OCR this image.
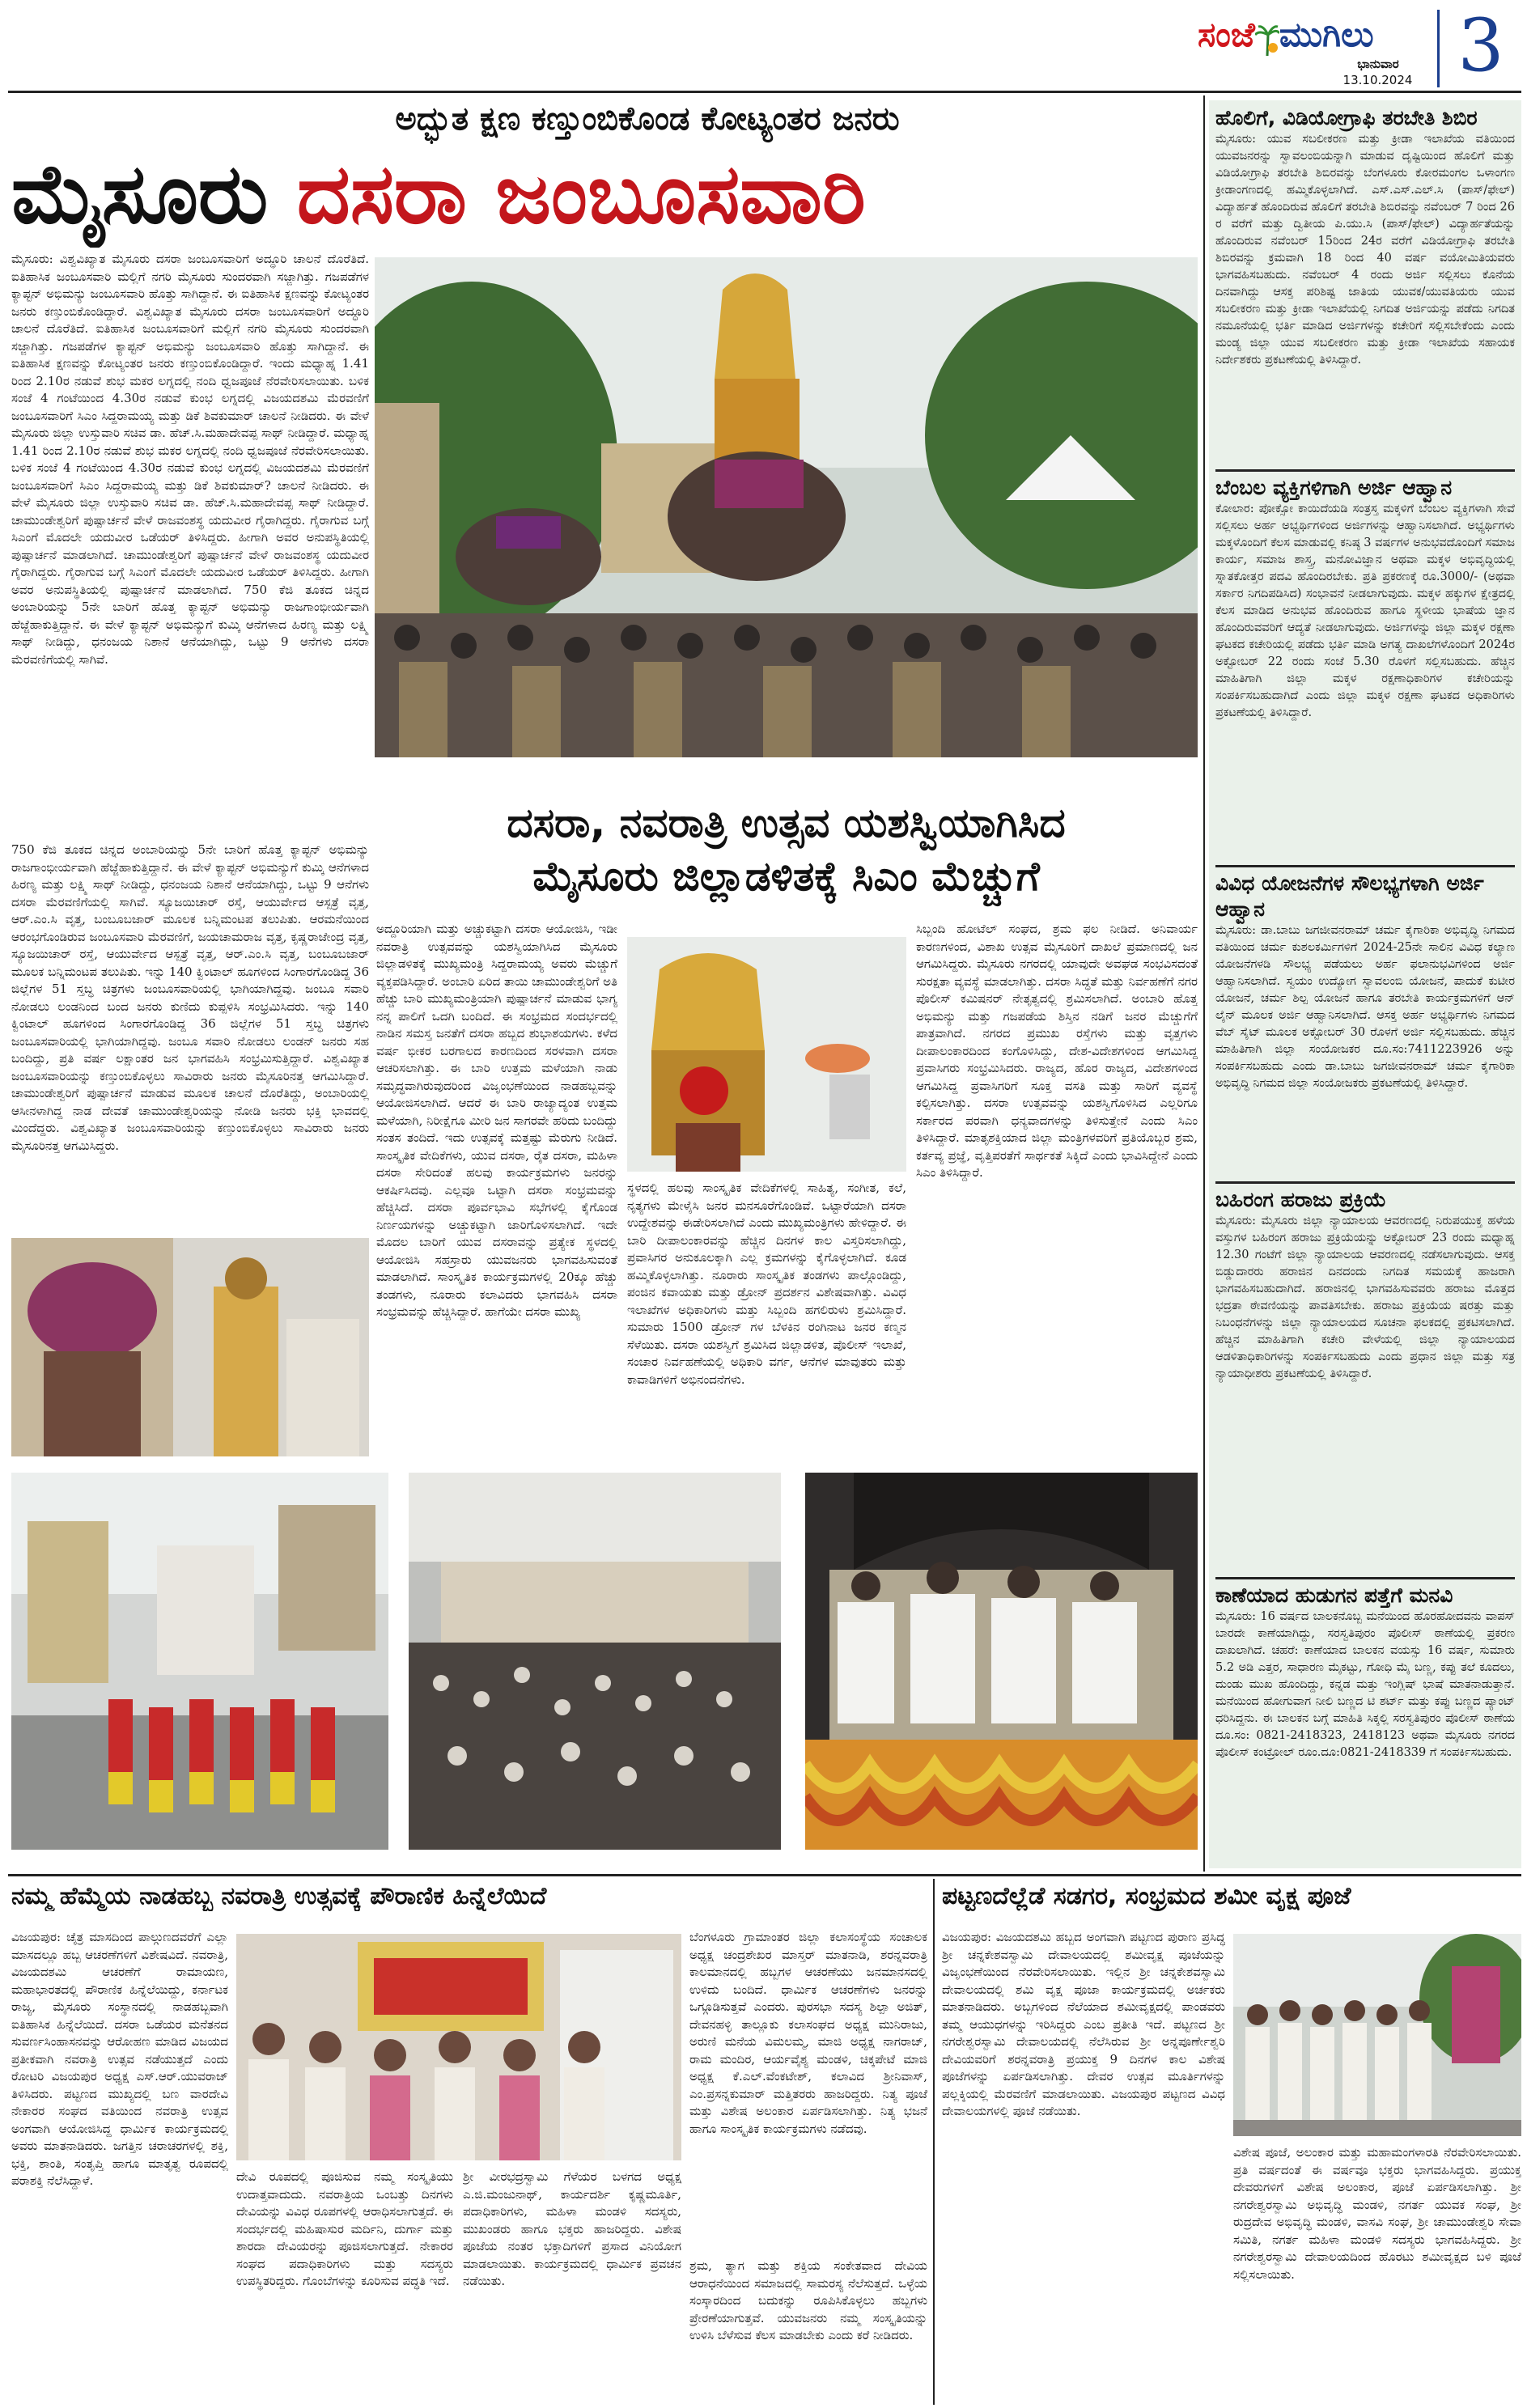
ಸಂಜೆ ಮುಗಿಲು
ಭಾನುವಾರ
13.10.2024 3
ಅದ್ಭುತ ಕ್ಷಣ ಕಣ್ತುಂಬಿಕೊಂಡ ಕೋಟ್ಯಂತರ ಜನರು
ಮೈಸೂರು ದಸರಾ ಜಂಬೂಸವಾರಿ
ಮೈಸೂರು: ವಿಶ್ವವಿಖ್ಯಾತ ಮೈಸೂರು ದಸರಾ ಜಂಬೂಸವಾರಿಗೆ ಅದ್ಧೂರಿ ಚಾಲನೆ ದೊರೆತಿದೆ. ಐತಿಹಾಸಿಕ ಜಂಬೂಸವಾರಿ ಮಲ್ಲಿಗೆ ನಗರಿ ಮೈಸೂರು ಸುಂದರವಾಗಿ ಸಜ್ಜಾಗಿತ್ತು. ಗಜಪಡೆಗಳ ಕ್ಯಾಪ್ಟನ್ ಅಭಿಮನ್ಯು ಜಂಬೂಸವಾರಿ ಹೊತ್ತು ಸಾಗಿದ್ದಾನೆ. ಈ ಐತಿಹಾಸಿಕ ಕ್ಷಣವನ್ನು ಕೋಟ್ಯಂತರ ಜನರು ಕಣ್ತುಂಬಿಕೊಂಡಿದ್ದಾರೆ. ವಿಶ್ವವಿಖ್ಯಾತ ಮೈಸೂರು ದಸರಾ ಜಂಬೂಸವಾರಿಗೆ ಅದ್ಧೂರಿ ಚಾಲನೆ ದೊರೆತಿದೆ. ಐತಿಹಾಸಿಕ ಜಂಬೂಸವಾರಿಗೆ ಮಲ್ಲಿಗೆ ನಗರಿ ಮೈಸೂರು ಸುಂದರವಾಗಿ ಸಜ್ಜಾಗಿತ್ತು. ಗಜಪಡೆಗಳ ಕ್ಯಾಪ್ಟನ್ ಅಭಿಮನ್ಯು ಜಂಬೂಸವಾರಿ ಹೊತ್ತು ಸಾಗಿದ್ದಾನೆ. ಈ ಐತಿಹಾಸಿಕ ಕ್ಷಣವನ್ನು ಕೋಟ್ಯಂತರ ಜನರು ಕಣ್ತುಂಬಿಕೊಂಡಿದ್ದಾರೆ. ಇಂದು ಮಧ್ಯಾಹ್ನ 1.41 ರಿಂದ 2.10ರ ನಡುವೆ ಶುಭ ಮಕರ ಲಗ್ನದಲ್ಲಿ ನಂದಿ ಧ್ವಜಪೂಜೆ ನೆರವೇರಿಸಲಾಯಿತು. ಬಳಿಕ ಸಂಜೆ 4 ಗಂಟೆಯಿಂದ 4.30ರ ನಡುವೆ ಕುಂಭ ಲಗ್ನದಲ್ಲಿ ವಿಜಯದಶಮಿ ಮೆರವಣಿಗೆ ಜಂಬೂಸವಾರಿಗೆ ಸಿಎಂ ಸಿದ್ದರಾಮಯ್ಯ ಮತ್ತು ಡಿಕೆ ಶಿವಕುಮಾರ್ ಚಾಲನೆ ನೀಡಿದರು. ಈ ವೇಳೆ ಮೈಸೂರು ಜಿಲ್ಲಾ ಉಸ್ತುವಾರಿ ಸಚಿವ ಡಾ. ಹೆಚ್.ಸಿ.ಮಹಾದೇವಪ್ಪ ಸಾಥ್ ನೀಡಿದ್ದಾರೆ. ಮಧ್ಯಾಹ್ನ 1.41 ರಿಂದ 2.10ರ ನಡುವೆ ಶುಭ ಮಕರ ಲಗ್ನದಲ್ಲಿ ನಂದಿ ಧ್ವಜಪೂಜೆ ನೆರವೇರಿಸಲಾಯಿತು. ಬಳಿಕ ಸಂಜೆ 4 ಗಂಟೆಯಿಂದ 4.30ರ ನಡುವೆ ಕುಂಭ ಲಗ್ನದಲ್ಲಿ ವಿಜಯದಶಮಿ ಮೆರವಣಿಗೆ ಜಂಬೂಸವಾರಿಗೆ ಸಿಎಂ ಸಿದ್ದರಾಮಯ್ಯ ಮತ್ತು ಡಿಕೆ ಶಿವಕುಮಾರ್? ಚಾಲನೆ ನೀಡಿದರು. ಈ ವೇಳೆ ಮೈಸೂರು ಜಿಲ್ಲಾ ಉಸ್ತುವಾರಿ ಸಚಿವ ಡಾ. ಹೆಚ್.ಸಿ.ಮಹಾದೇವಪ್ಪ ಸಾಥ್ ನೀಡಿದ್ದಾರೆ. ಚಾಮುಂಡೇಶ್ವರಿಗೆ ಪುಷ್ಪಾರ್ಚನೆ ವೇಳೆ ರಾಜವಂಶಸ್ಥ ಯದುವೀರ ಗೈರಾಗಿದ್ದರು. ಗೈರಾಗುವ ಬಗ್ಗೆ ಸಿಎಂಗೆ ಮೊದಲೇ ಯದುವೀರ ಒಡೆಯರ್ ತಿಳಿಸಿದ್ದರು. ಹೀಗಾಗಿ ಅವರ ಅನುಪಸ್ಥಿತಿಯಲ್ಲಿ ಪುಷ್ಪಾರ್ಚನೆ ಮಾಡಲಾಗಿದೆ. ಚಾಮುಂಡೇಶ್ವರಿಗೆ ಪುಷ್ಪಾರ್ಚನೆ ವೇಳೆ ರಾಜವಂಶಸ್ಥ ಯದುವೀರ ಗೈರಾಗಿದ್ದರು. ಗೈರಾಗುವ ಬಗ್ಗೆ ಸಿಎಂಗೆ ಮೊದಲೇ ಯದುವೀರ ಒಡೆಯರ್ ತಿಳಿಸಿದ್ದರು. ಹೀಗಾಗಿ ಅವರ ಅನುಪಸ್ಥಿತಿಯಲ್ಲಿ ಪುಷ್ಪಾರ್ಚನೆ ಮಾಡಲಾಗಿದೆ. 750 ಕೆಜಿ ತೂಕದ ಚಿನ್ನದ ಅಂಬಾರಿಯನ್ನು 5ನೇ ಬಾರಿಗೆ ಹೊತ್ತ ಕ್ಯಾಪ್ಟನ್ ಅಭಿಮನ್ಯು ರಾಜಗಾಂಭೀರ್ಯವಾಗಿ ಹೆಜ್ಜೆಹಾಕುತ್ತಿದ್ದಾನೆ. ಈ ವೇಳೆ ಕ್ಯಾಪ್ಟನ್ ಅಭಿಮನ್ಯುಗೆ ಕುಮ್ಕಿ ಆನೆಗಳಾದ ಹಿರಣ್ಯ ಮತ್ತು ಲಕ್ಷ್ಮಿ ಸಾಥ್ ನೀಡಿದ್ದು, ಧನಂಜಯ ನಿಶಾನೆ ಆನೆಯಾಗಿದ್ದು, ಒಟ್ಟು 9 ಆನೆಗಳು ದಸರಾ ಮೆರವಣಿಗೆಯಲ್ಲಿ ಸಾಗಿವೆ.
750 ಕೆಜಿ ತೂಕದ ಚಿನ್ನದ ಅಂಬಾರಿಯನ್ನು 5ನೇ ಬಾರಿಗೆ ಹೊತ್ತ ಕ್ಯಾಪ್ಟನ್ ಅಭಿಮನ್ಯು ರಾಜಗಾಂಭೀರ್ಯವಾಗಿ ಹೆಜ್ಜೆಹಾಕುತ್ತಿದ್ದಾನೆ. ಈ ವೇಳೆ ಕ್ಯಾಪ್ಟನ್ ಅಭಿಮನ್ಯುಗೆ ಕುಮ್ಕಿ ಆನೆಗಳಾದ ಹಿರಣ್ಯ ಮತ್ತು ಲಕ್ಷ್ಮಿ ಸಾಥ್ ನೀಡಿದ್ದು, ಧನಂಜಯ ನಿಶಾನೆ ಆನೆಯಾಗಿದ್ದು, ಒಟ್ಟು 9 ಆನೆಗಳು ದಸರಾ ಮೆರವಣಿಗೆಯಲ್ಲಿ ಸಾಗಿವೆ. ಸ್ಯೂಜಯಿಚಾರ್ ರಸ್ತೆ, ಆಯುರ್ವೇದ ಆಸ್ಪತ್ರೆ ವೃತ್ತ, ಆರ್.ಎಂ.ಸಿ ವೃತ್ತ, ಬಂಬೂಬಜಾರ್ ಮೂಲಕ ಬನ್ನಿಮಂಟಪ ತಲುಪಿತು. ಆರಮನೆಯಿಂದ ಆರಂಭಗೊಂಡಿರುವ ಜಂಬೂಸವಾರಿ ಮೆರವಣಿಗೆ, ಜಯಚಾಮರಾಜ ವೃತ್ತ, ಕೃಷ್ಣರಾಜೇಂದ್ರ ವೃತ್ತ, ಸ್ಯೂಜಯಿಚಾರ್ ರಸ್ತೆ, ಆಯುರ್ವೇದ ಆಸ್ಪತ್ರೆ ವೃತ್ತ, ಆರ್.ಎಂ.ಸಿ ವೃತ್ತ, ಬಂಬೂಬಜಾರ್ ಮೂಲಕ ಬನ್ನಿಮಂಟಪ ತಲುಪಿತು. ಇನ್ನು 140 ಕ್ವಿಂಟಾಲ್ ಹೂಗಳಿಂದ ಸಿಂಗಾರಗೊಂಡಿದ್ದ 36 ಜಿಲ್ಲೆಗಳ 51 ಸ್ತಬ್ಧ ಚಿತ್ರಗಳು ಜಂಬೂಸವಾರಿಯಲ್ಲಿ ಭಾಗಿಯಾಗಿದ್ದವು. ಜಂಬೂ ಸವಾರಿ ನೋಡಲು ಲಂಡನಿಂದ ಬಂದ ಜನರು ಕುಣಿದು ಕುಪ್ಪಳಿಸಿ ಸಂಭ್ರಮಿಸಿದರು. ಇನ್ನು 140 ಕ್ವಿಂಟಾಲ್ ಹೂಗಳಿಂದ ಸಿಂಗಾರಗೊಂಡಿದ್ದ 36 ಜಿಲ್ಲೆಗಳ 51 ಸ್ತಬ್ಧ ಚಿತ್ರಗಳು ಜಂಬೂಸವಾರಿಯಲ್ಲಿ ಭಾಗಿಯಾಗಿದ್ದವು. ಜಂಬೂ ಸವಾರಿ ನೋಡಲು ಲಂಡನ್ ಜನರು ಸಹ ಬಂದಿದ್ದು, ಪ್ರತಿ ವರ್ಷ ಲಕ್ಷಾಂತರ ಜನ ಭಾಗವಹಿಸಿ ಸಂಭ್ರಮಿಸುತ್ತಿದ್ದಾರೆ. ವಿಶ್ವವಿಖ್ಯಾತ ಜಂಬೂಸವಾರಿಯನ್ನು ಕಣ್ತುಂಬಿಕೊಳ್ಳಲು ಸಾವಿರಾರು ಜನರು ಮೈಸೂರಿನತ್ತ ಆಗಮಿಸಿದ್ದಾರೆ. ಚಾಮುಂಡೇಶ್ವರಿಗೆ ಪುಷ್ಪಾರ್ಚನೆ ಮಾಡುವ ಮೂಲಕ ಚಾಲನೆ ದೊರೆತಿದ್ದು, ಅಂಬಾರಿಯಲ್ಲಿ ಆಸೀನಳಾಗಿದ್ದ ನಾಡ ದೇವತೆ ಚಾಮುಂಡೇಶ್ವರಿಯನ್ನು ನೋಡಿ ಜನರು ಭಕ್ತಿ ಭಾವದಲ್ಲಿ ಮಿಂದೆದ್ದರು. ವಿಶ್ವವಿಖ್ಯಾತ ಜಂಬೂಸವಾರಿಯನ್ನು ಕಣ್ತುಂಬಿಕೊಳ್ಳಲು ಸಾವಿರಾರು ಜನರು ಮೈಸೂರಿನತ್ತ ಆಗಮಿಸಿದ್ದರು.
ದಸರಾ, ನವರಾತ್ರಿ ಉತ್ಸವ ಯಶಸ್ವಿಯಾಗಿಸಿದ
ಮೈಸೂರು ಜಿಲ್ಲಾಡಳಿತಕ್ಕೆ ಸಿಎಂ ಮೆಚ್ಚುಗೆ
ಅದ್ದೂರಿಯಾಗಿ ಮತ್ತು ಅಚ್ಚುಕಟ್ಟಾಗಿ ದಸರಾ ಆಯೋಜಿಸಿ, ಇಡೀ ನವರಾತ್ರಿ ಉತ್ಸವವನ್ನು ಯಶಸ್ವಿಯಾಗಿಸಿದ ಮೈಸೂರು ಜಿಲ್ಲಾಡಳಿತಕ್ಕೆ ಮುಖ್ಯಮಂತ್ರಿ ಸಿದ್ದರಾಮಯ್ಯ ಅವರು ಮೆಚ್ಚುಗೆ ವ್ಯಕ್ತಪಡಿಸಿದ್ದಾರೆ. ಅಂಬಾರಿ ಏರಿದ ತಾಯಿ ಚಾಮುಂಡೇಶ್ವರಿಗೆ ಅತಿ ಹೆಚ್ಚು ಬಾರಿ ಮುಖ್ಯಮಂತ್ರಿಯಾಗಿ ಪುಷ್ಪಾರ್ಚನೆ ಮಾಡುವ ಭಾಗ್ಯ ನನ್ನ ಪಾಲಿಗೆ ಒದಗಿ ಬಂದಿದೆ. ಈ ಸಂಭ್ರಮದ ಸಂದರ್ಭದಲ್ಲಿ ನಾಡಿನ ಸಮಸ್ತ ಜನತೆಗೆ ದಸರಾ ಹಬ್ಬದ ಶುಭಾಶಯಗಳು. ಕಳೆದ ವರ್ಷ ಭೀಕರ ಬರಗಾಲದ ಕಾರಣದಿಂದ ಸರಳವಾಗಿ ದಸರಾ ಆಚರಿಸಲಾಗಿತ್ತು. ಈ ಬಾರಿ ಉತ್ತಮ ಮಳೆಯಾಗಿ ನಾಡು ಸಮೃದ್ಧವಾಗಿರುವುದರಿಂದ ವಿಜೃಂಭಣೆಯಿಂದ ನಾಡಹಬ್ಬವನ್ನು ಆಯೋಜಿಸಲಾಗಿದೆ. ಆದರೆ ಈ ಬಾರಿ ರಾಜ್ಯಾದ್ಯಂತ ಉತ್ತಮ ಮಳೆಯಾಗಿ, ನಿರೀಕ್ಷೆಗೂ ಮೀರಿ ಜನ ಸಾಗರವೇ ಹರಿದು ಬಂದಿದ್ದು ಸಂತಸ ತಂದಿದೆ. ಇದು ಉತ್ಸವಕ್ಕೆ ಮತ್ತಷ್ಟು ಮೆರುಗು ನೀಡಿದೆ. ಸಾಂಸ್ಕೃತಿಕ ವೇದಿಕೆಗಳು, ಯುವ ದಸರಾ, ರೈತ ದಸರಾ, ಮಹಿಳಾ ದಸರಾ ಸೇರಿದಂತೆ ಹಲವು ಕಾರ್ಯಕ್ರಮಗಳು ಜನರನ್ನು ಆಕರ್ಷಿಸಿದವು. ಎಲ್ಲವೂ ಒಟ್ಟಾಗಿ ದಸರಾ ಸಂಭ್ರಮವನ್ನು ಹೆಚ್ಚಿಸಿದೆ. ದಸರಾ ಪೂರ್ವಭಾವಿ ಸಭೆಗಳಲ್ಲಿ ಕೈಗೊಂಡ ನಿರ್ಣಯಗಳನ್ನು ಅಚ್ಚುಕಟ್ಟಾಗಿ ಜಾರಿಗೊಳಿಸಲಾಗಿದೆ. ಇದೇ ಮೊದಲ ಬಾರಿಗೆ ಯುವ ದಸರಾವನ್ನು ಪ್ರತ್ಯೇಕ ಸ್ಥಳದಲ್ಲಿ ಆಯೋಜಿಸಿ ಸಹಸ್ರಾರು ಯುವಜನರು ಭಾಗವಹಿಸುವಂತೆ ಮಾಡಲಾಗಿದೆ. ಸಾಂಸ್ಕೃತಿಕ ಕಾರ್ಯಕ್ರಮಗಳಲ್ಲಿ 20ಕ್ಕೂ ಹೆಚ್ಚು ತಂಡಗಳು, ನೂರಾರು ಕಲಾವಿದರು ಭಾಗವಹಿಸಿ ದಸರಾ ಸಂಭ್ರಮವನ್ನು ಹೆಚ್ಚಿಸಿದ್ದಾರೆ. ಹಾಗೆಯೇ ದಸರಾ ಮುಖ್ಯ
ಸ್ಥಳದಲ್ಲಿ ಹಲವು ಸಾಂಸ್ಕೃತಿಕ ವೇದಿಕೆಗಳಲ್ಲಿ ಸಾಹಿತ್ಯ, ಸಂಗೀತ, ಕಲೆ, ನೃತ್ಯಗಳು ಮೇಳೈಸಿ ಜನರ ಮನಸೂರೆಗೊಂಡಿವೆ. ಒಟ್ಟಾರೆಯಾಗಿ ದಸರಾ ಉದ್ದೇಶವನ್ನು ಈಡೇರಿಸಲಾಗಿದೆ ಎಂದು ಮುಖ್ಯಮಂತ್ರಿಗಳು ಹೇಳಿದ್ದಾರೆ. ಈ ಬಾರಿ ದೀಪಾಲಂಕಾರವನ್ನು ಹೆಚ್ಚಿನ ದಿನಗಳ ಕಾಲ ವಿಸ್ತರಿಸಲಾಗಿದ್ದು, ಪ್ರವಾಸಿಗರ ಅನುಕೂಲಕ್ಕಾಗಿ ಎಲ್ಲ ಕ್ರಮಗಳನ್ನು ಕೈಗೊಳ್ಳಲಾಗಿದೆ. ಕೂಡ ಹಮ್ಮಿಕೊಳ್ಳಲಾಗಿತ್ತು. ನೂರಾರು ಸಾಂಸ್ಕೃತಿಕ ತಂಡಗಳು ಪಾಲ್ಗೊಂಡಿದ್ದು, ಪಂಜಿನ ಕವಾಯತು ಮತ್ತು ಡ್ರೋನ್ ಪ್ರದರ್ಶನ ವಿಶೇಷವಾಗಿತ್ತು. ವಿವಿಧ ಇಲಾಖೆಗಳ ಅಧಿಕಾರಿಗಳು ಮತ್ತು ಸಿಬ್ಬಂದಿ ಹಗಲಿರುಳು ಶ್ರಮಿಸಿದ್ದಾರೆ. ಸುಮಾರು 1500 ಡ್ರೋನ್ ಗಳ ಬೆಳಕಿನ ರಂಗಿನಾಟ ಜನರ ಕಣ್ಮನ ಸೆಳೆಯಿತು. ದಸರಾ ಯಶಸ್ವಿಗೆ ಶ್ರಮಿಸಿದ ಜಿಲ್ಲಾಡಳಿತ, ಪೊಲೀಸ್ ಇಲಾಖೆ, ಸಂಚಾರ ನಿರ್ವಹಣೆಯಲ್ಲಿ ಅಧಿಕಾರಿ ವರ್ಗ, ಆನೆಗಳ ಮಾವುತರು ಮತ್ತು ಕಾವಾಡಿಗಳಿಗೆ ಅಭಿನಂದನೆಗಳು.
ಸಿಬ್ಬಂದಿ ಹೋಟೆಲ್ ಸಂಘದ, ಶ್ರಮ ಫಲ ನೀಡಿದೆ. ಅನಿವಾರ್ಯ ಕಾರಣಗಳಿಂದ, ವಿಶಾಖ ಉತ್ಸವ ಮೈಸೂರಿಗೆ ದಾಖಲೆ ಪ್ರಮಾಣದಲ್ಲಿ ಜನ ಆಗಮಿಸಿದ್ದರು. ಮೈಸೂರು ನಗರದಲ್ಲಿ ಯಾವುದೇ ಅವಘಡ ಸಂಭವಿಸದಂತೆ ಸುರಕ್ಷತಾ ವ್ಯವಸ್ಥೆ ಮಾಡಲಾಗಿತ್ತು. ದಸರಾ ಸಿದ್ಧತೆ ಮತ್ತು ನಿರ್ವಹಣೆಗೆ ನಗರ ಪೊಲೀಸ್ ಕಮಿಷನರ್ ನೇತೃತ್ವದಲ್ಲಿ ಶ್ರಮಿಸಲಾಗಿದೆ. ಅಂಬಾರಿ ಹೊತ್ತ ಅಭಿಮನ್ಯು ಮತ್ತು ಗಜಪಡೆಯ ಶಿಸ್ತಿನ ನಡಿಗೆ ಜನರ ಮೆಚ್ಚುಗೆಗೆ ಪಾತ್ರವಾಗಿದೆ. ನಗರದ ಪ್ರಮುಖ ರಸ್ತೆಗಳು ಮತ್ತು ವೃತ್ತಗಳು ದೀಪಾಲಂಕಾರದಿಂದ ಕಂಗೊಳಿಸಿದ್ದು, ದೇಶ-ವಿದೇಶಗಳಿಂದ ಆಗಮಿಸಿದ್ದ ಪ್ರವಾಸಿಗರು ಸಂಭ್ರಮಿಸಿದರು. ರಾಜ್ಯದ, ಹೊರ ರಾಜ್ಯದ, ವಿದೇಶಗಳಿಂದ ಆಗಮಿಸಿದ್ದ ಪ್ರವಾಸಿಗರಿಗೆ ಸೂಕ್ತ ವಸತಿ ಮತ್ತು ಸಾರಿಗೆ ವ್ಯವಸ್ಥೆ ಕಲ್ಪಿಸಲಾಗಿತ್ತು. ದಸರಾ ಉತ್ಸವವನ್ನು ಯಶಸ್ವಿಗೊಳಿಸಿದ ಎಲ್ಲರಿಗೂ ಸರ್ಕಾರದ ಪರವಾಗಿ ಧನ್ಯವಾದಗಳನ್ನು ತಿಳಿಸುತ್ತೇನೆ ಎಂದು ಸಿಎಂ ತಿಳಿಸಿದ್ದಾರೆ. ಮಾತೃಶಕ್ತಿಯಾದ ಜಿಲ್ಲಾ ಮಂತ್ರಿಗಳವರಿಗೆ ಪ್ರತಿಯೊಬ್ಬರ ಶ್ರಮ, ಕರ್ತವ್ಯ ಪ್ರಜ್ಞೆ, ವೃತ್ತಿಪರತೆಗೆ ಸಾರ್ಥಕತೆ ಸಿಕ್ಕಿದೆ ಎಂದು ಭಾವಿಸಿದ್ದೇನೆ ಎಂದು ಸಿಎಂ ತಿಳಿಸಿದ್ದಾರೆ.
ಹೊಲಿಗೆ, ವಿಡಿಯೋಗ್ರಾಫಿ ತರಬೇತಿ ಶಿಬಿರ
ಮೈಸೂರು: ಯುವ ಸಬಲೀಕರಣ ಮತ್ತು ಕ್ರೀಡಾ ಇಲಾಖೆಯ ವತಿಯಿಂದ ಯುವಜನರನ್ನು ಸ್ವಾವಲಂಬಿಯನ್ನಾಗಿ ಮಾಡುವ ದೃಷ್ಟಿಯಿಂದ ಹೊಲಿಗೆ ಮತ್ತು ವಿಡಿಯೋಗ್ರಾಫಿ ತರಬೇತಿ ಶಿಬಿರವನ್ನು ಬೆಂಗಳೂರು ಕೋರಮಂಗಲ ಒಳಾಂಗಣ ಕ್ರೀಡಾಂಗಣದಲ್ಲಿ ಹಮ್ಮಿಕೊಳ್ಳಲಾಗಿದೆ. ಎಸ್.ಎಸ್.ಎಲ್.ಸಿ (ಪಾಸ್/ಫೇಲ್) ವಿದ್ಯಾರ್ಹತೆ ಹೊಂದಿರುವ ಹೊಲಿಗೆ ತರಬೇತಿ ಶಿಬಿರವನ್ನು ನವೆಂಬರ್ 7 ರಿಂದ 26 ರ ವರೆಗೆ ಮತ್ತು ದ್ವಿತೀಯ ಪಿ.ಯು.ಸಿ (ಪಾಸ್/ಫೇಲ್) ವಿದ್ಯಾರ್ಹತೆಯನ್ನು ಹೊಂದಿರುವ ನವೆಂಬರ್ 15ರಿಂದ 24ರ ವರೆಗೆ ವಿಡಿಯೋಗ್ರಾಫಿ ತರಬೇತಿ ಶಿಬಿರವನ್ನು ಕ್ರಮವಾಗಿ 18 ರಿಂದ 40 ವರ್ಷ ವಯೋಮಿತಿಯವರು ಭಾಗವಹಿಸಬಹುದು. ನವೆಂಬರ್ 4 ರಂದು ಅರ್ಜಿ ಸಲ್ಲಿಸಲು ಕೊನೆಯ ದಿನವಾಗಿದ್ದು ಆಸಕ್ತ ಪರಿಶಿಷ್ಟ ಜಾತಿಯ ಯುವಕ/ಯುವತಿಯರು ಯುವ ಸಬಲೀಕರಣ ಮತ್ತು ಕ್ರೀಡಾ ಇಲಾಖೆಯಲ್ಲಿ ನಿಗದಿತ ಅರ್ಜಿಯನ್ನು ಪಡೆದು ನಿಗದಿತ ನಮೂನೆಯಲ್ಲಿ ಭರ್ತಿ ಮಾಡಿದ ಅರ್ಜಿಗಳನ್ನು ಕಚೇರಿಗೆ ಸಲ್ಲಿಸಬೇಕೆಂದು ಎಂದು ಮಂಡ್ಯ ಜಿಲ್ಲಾ ಯುವ ಸಬಲೀಕರಣ ಮತ್ತು ಕ್ರೀಡಾ ಇಲಾಖೆಯ ಸಹಾಯಕ ನಿರ್ದೇಶಕರು ಪ್ರಕಟಣೆಯಲ್ಲಿ ತಿಳಿಸಿದ್ದಾರೆ.
ಬೆಂಬಲ ವ್ಯಕ್ತಿಗಳಿಗಾಗಿ ಅರ್ಜಿ ಆಹ್ವಾನ
ಕೋಲಾರ: ಪೋಕ್ಸೋ ಕಾಯಿದೆಯಡಿ ಸಂತ್ರಸ್ತ ಮಕ್ಕಳಿಗೆ ಬೆಂಬಲ ವ್ಯಕ್ತಿಗಳಾಗಿ ಸೇವೆ ಸಲ್ಲಿಸಲು ಅರ್ಹ ಅಭ್ಯರ್ಥಿಗಳಿಂದ ಅರ್ಜಿಗಳನ್ನು ಆಹ್ವಾನಿಸಲಾಗಿದೆ. ಅಭ್ಯರ್ಥಿಗಳು ಮಕ್ಕಳೊಂದಿಗೆ ಕೆಲಸ ಮಾಡುವಲ್ಲಿ ಕನಿಷ್ಠ 3 ವರ್ಷಗಳ ಅನುಭವದೊಂದಿಗೆ ಸಮಾಜ ಕಾರ್ಯ, ಸಮಾಜ ಶಾಸ್ತ್ರ, ಮನೋವಿಜ್ಞಾನ ಅಥವಾ ಮಕ್ಕಳ ಅಭಿವೃದ್ಧಿಯಲ್ಲಿ ಸ್ನಾತಕೋತ್ತರ ಪದವಿ ಹೊಂದಿರಬೇಕು. ಪ್ರತಿ ಪ್ರಕರಣಕ್ಕೆ ರೂ.3000/- (ಅಥವಾ ಸರ್ಕಾರ ನಿಗದಿಪಡಿಸಿದ) ಸಂಭಾವನೆ ನೀಡಲಾಗುವುದು. ಮಕ್ಕಳ ಹಕ್ಕುಗಳ ಕ್ಷೇತ್ರದಲ್ಲಿ ಕೆಲಸ ಮಾಡಿದ ಅನುಭವ ಹೊಂದಿರುವ ಹಾಗೂ ಸ್ಥಳೀಯ ಭಾಷೆಯ ಜ್ಞಾನ ಹೊಂದಿರುವವರಿಗೆ ಆದ್ಯತೆ ನೀಡಲಾಗುವುದು. ಅರ್ಜಿಗಳನ್ನು ಜಿಲ್ಲಾ ಮಕ್ಕಳ ರಕ್ಷಣಾ ಘಟಕದ ಕಚೇರಿಯಲ್ಲಿ ಪಡೆದು ಭರ್ತಿ ಮಾಡಿ ಅಗತ್ಯ ದಾಖಲೆಗಳೊಂದಿಗೆ 2024ರ ಅಕ್ಟೋಬರ್ 22 ರಂದು ಸಂಜೆ 5.30 ರೊಳಗೆ ಸಲ್ಲಿಸಬಹುದು. ಹೆಚ್ಚಿನ ಮಾಹಿತಿಗಾಗಿ ಜಿಲ್ಲಾ ಮಕ್ಕಳ ರಕ್ಷಣಾಧಿಕಾರಿಗಳ ಕಚೇರಿಯನ್ನು ಸಂಪರ್ಕಿಸಬಹುದಾಗಿದೆ ಎಂದು ಜಿಲ್ಲಾ ಮಕ್ಕಳ ರಕ್ಷಣಾ ಘಟಕದ ಅಧಿಕಾರಿಗಳು ಪ್ರಕಟಣೆಯಲ್ಲಿ ತಿಳಿಸಿದ್ದಾರೆ.
ವಿವಿಧ ಯೋಜನೆಗಳ ಸೌಲಭ್ಯಗಳಾಗಿ ಅರ್ಜಿ ಆಹ್ವಾನ
ಮೈಸೂರು: ಡಾ.ಬಾಬು ಜಗಜೀವನರಾಮ್ ಚರ್ಮ ಕೈಗಾರಿಕಾ ಅಭಿವೃದ್ಧಿ ನಿಗಮದ ವತಿಯಿಂದ ಚರ್ಮ ಕುಶಲಕರ್ಮಿಗಳಿಗೆ 2024-25ನೇ ಸಾಲಿನ ವಿವಿಧ ಕಲ್ಯಾಣ ಯೋಜನೆಗಳಡಿ ಸೌಲಭ್ಯ ಪಡೆಯಲು ಅರ್ಹ ಫಲಾನುಭವಿಗಳಿಂದ ಅರ್ಜಿ ಆಹ್ವಾನಿಸಲಾಗಿದೆ. ಸ್ವಯಂ ಉದ್ಯೋಗ ಸ್ವಾವಲಂಬಿ ಯೋಜನೆ, ಪಾದುಕೆ ಕುಟೀರ ಯೋಜನೆ, ಚರ್ಮ ಶಿಲ್ಪ ಯೋಜನೆ ಹಾಗೂ ತರಬೇತಿ ಕಾರ್ಯಕ್ರಮಗಳಿಗೆ ಆನ್ ಲೈನ್ ಮೂಲಕ ಅರ್ಜಿ ಆಹ್ವಾನಿಸಲಾಗಿದೆ. ಆಸಕ್ತ ಅರ್ಹ ಅಭ್ಯರ್ಥಿಗಳು ನಿಗಮದ ವೆಬ್ ಸೈಟ್ ಮೂಲಕ ಅಕ್ಟೋಬರ್ 30 ರೊಳಗೆ ಅರ್ಜಿ ಸಲ್ಲಿಸಬಹುದು. ಹೆಚ್ಚಿನ ಮಾಹಿತಿಗಾಗಿ ಜಿಲ್ಲಾ ಸಂಯೋಜಕರ ದೂ.ಸಂ:7411223926 ಅನ್ನು ಸಂಪರ್ಕಿಸಬಹುದು ಎಂದು ಡಾ.ಬಾಬು ಜಗಜೀವನರಾಮ್ ಚರ್ಮ ಕೈಗಾರಿಕಾ ಅಭಿವೃದ್ಧಿ ನಿಗಮದ ಜಿಲ್ಲಾ ಸಂಯೋಜಕರು ಪ್ರಕಟಣೆಯಲ್ಲಿ ತಿಳಿಸಿದ್ದಾರೆ.
ಬಹಿರಂಗ ಹರಾಜು ಪ್ರಕ್ರಿಯೆ
ಮೈಸೂರು: ಮೈಸೂರು ಜಿಲ್ಲಾ ನ್ಯಾಯಾಲಯ ಆವರಣದಲ್ಲಿ ನಿರುಪಯುಕ್ತ ಹಳೆಯ ವಸ್ತುಗಳ ಬಹಿರಂಗ ಹರಾಜು ಪ್ರಕ್ರಿಯೆಯನ್ನು ಅಕ್ಟೋಬರ್ 23 ರಂದು ಮಧ್ಯಾಹ್ನ 12.30 ಗಂಟೆಗೆ ಜಿಲ್ಲಾ ನ್ಯಾಯಾಲಯ ಆವರಣದಲ್ಲಿ ನಡೆಸಲಾಗುವುದು. ಆಸಕ್ತ ಬಿಡ್ಡುದಾರರು ಹರಾಜಿನ ದಿನದಂದು ನಿಗದಿತ ಸಮಯಕ್ಕೆ ಹಾಜರಾಗಿ ಭಾಗವಹಿಸಬಹುದಾಗಿದೆ. ಹರಾಜಿನಲ್ಲಿ ಭಾಗವಹಿಸುವವರು ಹರಾಜು ಮೊತ್ತದ ಭದ್ರತಾ ಠೇವಣಿಯನ್ನು ಪಾವತಿಸಬೇಕು. ಹರಾಜು ಪ್ರಕ್ರಿಯೆಯ ಷರತ್ತು ಮತ್ತು ನಿಬಂಧನೆಗಳನ್ನು ಜಿಲ್ಲಾ ನ್ಯಾಯಾಲಯದ ಸೂಚನಾ ಫಲಕದಲ್ಲಿ ಪ್ರಕಟಿಸಲಾಗಿದೆ. ಹೆಚ್ಚಿನ ಮಾಹಿತಿಗಾಗಿ ಕಚೇರಿ ವೇಳೆಯಲ್ಲಿ ಜಿಲ್ಲಾ ನ್ಯಾಯಾಲಯದ ಆಡಳಿತಾಧಿಕಾರಿಗಳನ್ನು ಸಂಪರ್ಕಿಸಬಹುದು ಎಂದು ಪ್ರಧಾನ ಜಿಲ್ಲಾ ಮತ್ತು ಸತ್ರ ನ್ಯಾಯಾಧೀಶರು ಪ್ರಕಟಣೆಯಲ್ಲಿ ತಿಳಿಸಿದ್ದಾರೆ.
ಕಾಣೆಯಾದ ಹುಡುಗನ ಪತ್ತೆಗೆ ಮನವಿ
ಮೈಸೂರು: 16 ವರ್ಷದ ಬಾಲಕನೊಬ್ಬ ಮನೆಯಿಂದ ಹೊರಹೋದವನು ವಾಪಸ್ ಬಾರದೇ ಕಾಣೆಯಾಗಿದ್ದು, ಸರಸ್ವತಿಪುರಂ ಪೊಲೀಸ್ ಠಾಣೆಯಲ್ಲಿ ಪ್ರಕರಣ ದಾಖಲಾಗಿದೆ. ಚಹರೆ: ಕಾಣೆಯಾದ ಬಾಲಕನ ವಯಸ್ಸು 16 ವರ್ಷ, ಸುಮಾರು 5.2 ಅಡಿ ಎತ್ತರ, ಸಾಧಾರಣ ಮೈಕಟ್ಟು, ಗೋಧಿ ಮೈ ಬಣ್ಣ, ಕಪ್ಪು ತಲೆ ಕೂದಲು, ದುಂಡು ಮುಖ ಹೊಂದಿದ್ದು, ಕನ್ನಡ ಮತ್ತು ಇಂಗ್ಲಿಷ್ ಭಾಷೆ ಮಾತನಾಡುತ್ತಾನೆ. ಮನೆಯಿಂದ ಹೋಗುವಾಗ ನೀಲಿ ಬಣ್ಣದ ಟಿ ಶರ್ಟ್ ಮತ್ತು ಕಪ್ಪು ಬಣ್ಣದ ಪ್ಯಾಂಟ್ ಧರಿಸಿದ್ದನು. ಈ ಬಾಲಕನ ಬಗ್ಗೆ ಮಾಹಿತಿ ಸಿಕ್ಕಲ್ಲಿ ಸರಸ್ವತಿಪುರಂ ಪೊಲೀಸ್ ಠಾಣೆಯ ದೂ.ಸಂ: 0821-2418323, 2418123 ಅಥವಾ ಮೈಸೂರು ನಗರದ ಪೊಲೀಸ್ ಕಂಟ್ರೋಲ್ ರೂಂ.ದೂ:0821-2418339 ಗೆ ಸಂಪರ್ಕಿಸಬಹುದು.
ನಮ್ಮ ಹೆಮ್ಮೆಯ ನಾಡಹಬ್ಬ ನವರಾತ್ರಿ ಉತ್ಸವಕ್ಕೆ ಪೌರಾಣಿಕ ಹಿನ್ನೆಲೆಯಿದೆ
ವಿಜಯಪುರ: ಚೈತ್ರ ಮಾಸದಿಂದ ಪಾಲ್ಗುಣದವರೆಗೆ ಎಲ್ಲಾ ಮಾಸದಲ್ಲೂ ಹಬ್ಬ ಆಚರಣೆಗಳಿಗೆ ವಿಶೇಷವಿದೆ. ನವರಾತ್ರಿ, ವಿಜಯದಶಮಿ ಆಚರಣೆಗೆ ರಾಮಾಯಣ, ಮಹಾಭಾರತದಲ್ಲಿ ಪೌರಾಣಿಕ ಹಿನ್ನೆಲೆಯಿದ್ದು, ಕರ್ನಾಟಕ ರಾಜ್ಯ, ಮೈಸೂರು ಸಂಸ್ಥಾನದಲ್ಲಿ ನಾಡಹಬ್ಬವಾಗಿ ಐತಿಹಾಸಿಕ ಹಿನ್ನೆಲೆಯಿದೆ. ದಸರಾ ಒಡೆಯರ ಮನೆತನದ ಸುವರ್ಣಸಿಂಹಾಸನವನ್ನು ಆರೋಹಣ ಮಾಡಿದ ವಿಜಯದ ಪ್ರತೀಕವಾಗಿ ನವರಾತ್ರಿ ಉತ್ಸವ ನಡೆಯುತ್ತದೆ ಎಂದು ರೋಟರಿ ವಿಜಯಪುರ ಅಧ್ಯಕ್ಷ ಎಸ್.ಆರ್.ಯುವರಾಜ್ ತಿಳಿಸಿದರು. ಪಟ್ಟಣದ ಮುಖ್ಯದಲ್ಲಿ ಬಣ ವಾರದೇವಿ ನೇಕಾರರ ಸಂಘದ ವತಿಯಿಂದ ನವರಾತ್ರಿ ಉತ್ಸವ ಅಂಗವಾಗಿ ಆಯೋಜಿಸಿದ್ದ ಧಾರ್ಮಿಕ ಕಾರ್ಯಕ್ರಮದಲ್ಲಿ ಅವರು ಮಾತನಾಡಿದರು. ಜಗತ್ತಿನ ಚರಾಚರಗಳಲ್ಲಿ ಶಕ್ತಿ, ಭಕ್ತಿ, ಶಾಂತಿ, ಸಂತೃಪ್ತಿ ಹಾಗೂ ಮಾತೃತ್ವ ರೂಪದಲ್ಲಿ ಪರಾಶಕ್ತಿ ನೆಲೆಸಿದ್ದಾಳೆ.	ದೇವಿ ರೂಪದಲ್ಲಿ ಪೂಜಿಸುವ ನಮ್ಮ ಸಂಸ್ಕೃತಿಯು ಉದಾತ್ತವಾದುದು. ನವರಾತ್ರಿಯ ಒಂಬತ್ತು ದಿನಗಳು ದೇವಿಯನ್ನು ವಿವಿಧ ರೂಪಗಳಲ್ಲಿ ಆರಾಧಿಸಲಾಗುತ್ತದೆ. ಈ ಸಂದರ್ಭದಲ್ಲಿ ಮಹಿಷಾಸುರ ಮರ್ದಿನಿ, ದುರ್ಗಾ ಮತ್ತು ಶಾರದಾ ದೇವಿಯರನ್ನು ಪೂಜಿಸಲಾಗುತ್ತದೆ. ನೇಕಾರರ ಸಂಘದ ಪದಾಧಿಕಾರಿಗಳು ಮತ್ತು ಸದಸ್ಯರು ಉಪಸ್ಥಿತರಿದ್ದರು. ಗೊಂಬೆಗಳನ್ನು ಕೂರಿಸುವ ಪದ್ಧತಿ ಇದೆ.
ಶ್ರೀ ವೀರಭದ್ರಸ್ವಾಮಿ ಗೆಳೆಯರ ಬಳಗದ ಅಧ್ಯಕ್ಷ ಎ.ಜಿ.ಮಂಜುನಾಥ್, ಕಾರ್ಯದರ್ಶಿ ಕೃಷ್ಣಮೂರ್ತಿ, ಪದಾಧಿಕಾರಿಗಳು, ಮಹಿಳಾ ಮಂಡಳಿ ಸದಸ್ಯರು, ಮುಖಂಡರು ಹಾಗೂ ಭಕ್ತರು ಹಾಜರಿದ್ದರು. ವಿಶೇಷ ಪೂಜೆಯ ನಂತರ ಭಕ್ತಾದಿಗಳಿಗೆ ಪ್ರಸಾದ ವಿನಿಯೋಗ ಮಾಡಲಾಯಿತು. ಕಾರ್ಯಕ್ರಮದಲ್ಲಿ ಧಾರ್ಮಿಕ ಪ್ರವಚನ ನಡೆಯಿತು.
ಬೆಂಗಳೂರು ಗ್ರಾಮಾಂತರ ಜಿಲ್ಲಾ ಕಲಾಸಂಸ್ಥೆಯ ಸಂಚಾಲಕ ಅಧ್ಯಕ್ಷ ಚಂದ್ರಶೇಖರ ಮಾಸ್ತರ್ ಮಾತನಾಡಿ, ಶರನ್ನವರಾತ್ರಿ ಕಾಲಮಾನದಲ್ಲಿ ಹಬ್ಬಗಳ ಆಚರಣೆಯು ಜನಮಾನಸದಲ್ಲಿ ಉಳಿದು ಬಂದಿದೆ. ಧಾರ್ಮಿಕ ಆಚರಣೆಗಳು ಜನರನ್ನು ಒಗ್ಗೂಡಿಸುತ್ತವೆ ಎಂದರು. ಪುರಸಭಾ ಸದಸ್ಯ ಶಿಲ್ಪಾ ಅಜಿತ್, ದೇವನಹಳ್ಳಿ ತಾಲ್ಲೂಕು ಕಲಾಸಂಘದ ಅಧ್ಯಕ್ಷ ಮುನಿರಾಜು, ಅರುಣಿ ಮನೆಯ ವಿಮಲಮ್ಮ, ಮಾಜಿ ಅಧ್ಯಕ್ಷ ನಾಗರಾಜ್, ರಾಮ ಮಂದಿರ, ಆರ್ಯವೈಶ್ಯ ಮಂಡಳಿ, ಚಿಕ್ಕಪೇಟೆ ಮಾಜಿ ಅಧ್ಯಕ್ಷ ಕೆ.ಎಲ್.ವೆಂಕಟೇಶ್, ಕಲಾವಿದ ಶ್ರೀನಿವಾಸ್, ಎಂ.ಪ್ರಸನ್ನಕುಮಾರ್ ಮತ್ತಿತರರು ಹಾಜರಿದ್ದರು. ನಿತ್ಯ ಪೂಜೆ ಮತ್ತು ವಿಶೇಷ ಅಲಂಕಾರ ಏರ್ಪಡಿಸಲಾಗಿತ್ತು. ನಿತ್ಯ ಭಜನೆ ಹಾಗೂ ಸಾಂಸ್ಕೃತಿಕ ಕಾರ್ಯಕ್ರಮಗಳು ನಡೆದವು.
ಶ್ರಮ, ತ್ಯಾಗ ಮತ್ತು ಶಕ್ತಿಯ ಸಂಕೇತವಾದ ದೇವಿಯ ಆರಾಧನೆಯಿಂದ ಸಮಾಜದಲ್ಲಿ ಸಾಮರಸ್ಯ ನೆಲೆಸುತ್ತದೆ. ಒಳ್ಳೆಯ ಸಂಸ್ಕಾರದಿಂದ ಬದುಕನ್ನು ರೂಪಿಸಿಕೊಳ್ಳಲು ಹಬ್ಬಗಳು ಪ್ರೇರಣೆಯಾಗುತ್ತವೆ. ಯುವಜನರು ನಮ್ಮ ಸಂಸ್ಕೃತಿಯನ್ನು ಉಳಿಸಿ ಬೆಳೆಸುವ ಕೆಲಸ ಮಾಡಬೇಕು ಎಂದು ಕರೆ ನೀಡಿದರು.
ಪಟ್ಟಣದೆಲ್ಲೆಡೆ ಸಡಗರ, ಸಂಭ್ರಮದ ಶಮೀ ವೃಕ್ಷ ಪೂಜೆ
ವಿಜಯಪುರ: ವಿಜಯದಶಮಿ ಹಬ್ಬದ ಅಂಗವಾಗಿ ಪಟ್ಟಣದ ಪುರಾಣ ಪ್ರಸಿದ್ಧ ಶ್ರೀ ಚನ್ನಕೇಶವಸ್ವಾಮಿ ದೇವಾಲಯದಲ್ಲಿ ಶಮೀವೃಕ್ಷ ಪೂಜೆಯನ್ನು ವಿಜೃಂಭಣೆಯಿಂದ ನೆರವೇರಿಸಲಾಯಿತು. ಇಲ್ಲಿನ ಶ್ರೀ ಚನ್ನಕೇಶವಸ್ವಾಮಿ ದೇವಾಲಯದಲ್ಲಿ ಶಮಿ ವೃಕ್ಷ ಪೂಜಾ ಕಾರ್ಯಕ್ರಮದಲ್ಲಿ ಅರ್ಚಕರು ಮಾತನಾಡಿದರು. ಅಬ್ಬಗಳಿಂದ ನೆಲೆಯಾದ ಶಮೀವೃಕ್ಷದಲ್ಲಿ ಪಾಂಡವರು ತಮ್ಮ ಆಯುಧಗಳನ್ನು ಇರಿಸಿದ್ದರು ಎಂಬ ಪ್ರತೀತಿ ಇದೆ. ಪಟ್ಟಣದ ಶ್ರೀ ನಗರೇಶ್ವರಸ್ವಾಮಿ ದೇವಾಲಯದಲ್ಲಿ ನೆಲೆಸಿರುವ ಶ್ರೀ ಅನ್ನಪೂರ್ಣೇಶ್ವರಿ ದೇವಿಯವರಿಗೆ ಶರನ್ನವರಾತ್ರಿ ಪ್ರಯುಕ್ತ 9 ದಿನಗಳ ಕಾಲ ವಿಶೇಷ ಪೂಜೆಗಳನ್ನು ಏರ್ಪಡಿಸಲಾಗಿತ್ತು. ದೇವರ ಉತ್ಸವ ಮೂರ್ತಿಗಳನ್ನು ಪಲ್ಲಕ್ಕಿಯಲ್ಲಿ ಮೆರವಣಿಗೆ ಮಾಡಲಾಯಿತು. ವಿಜಯಪುರ ಪಟ್ಟಣದ ವಿವಿಧ ದೇವಾಲಯಗಳಲ್ಲಿ ಪೂಜೆ ನಡೆಯಿತು.
ವಿಶೇಷ ಪೂಜೆ, ಅಲಂಕಾರ ಮತ್ತು ಮಹಾಮಂಗಳಾರತಿ ನೆರವೇರಿಸಲಾಯಿತು. ಪ್ರತಿ ವರ್ಷದಂತೆ ಈ ವರ್ಷವೂ ಭಕ್ತರು ಭಾಗವಹಿಸಿದ್ದರು. ಪ್ರಯುಕ್ತ ದೇವರುಗಳಿಗೆ ವಿಶೇಷ ಅಲಂಕಾರ, ಪೂಜೆ ಏರ್ಪಡಿಸಲಾಗಿತ್ತು. ಶ್ರೀ ನಗರೇಶ್ವರಸ್ವಾಮಿ ಅಭಿವೃದ್ಧಿ ಮಂಡಳಿ, ನಗರ್ತ ಯುವಕ ಸಂಘ, ಶ್ರೀ ರುದ್ರದೇವ ಅಭಿವೃದ್ಧಿ ಮಂಡಳಿ, ವಾಸವಿ ಸಂಘ, ಶ್ರೀ ಚಾಮುಂಡೇಶ್ವರಿ ಸೇವಾ ಸಮಿತಿ, ನಗರ್ತ ಮಹಿಳಾ ಮಂಡಳಿ ಸದಸ್ಯರು ಭಾಗವಹಿಸಿದ್ದರು. ಶ್ರೀ ನಗರೇಶ್ವರಸ್ವಾಮಿ ದೇವಾಲಯದಿಂದ ಹೊರಟು ಶಮೀವೃಕ್ಷದ ಬಳಿ ಪೂಜೆ ಸಲ್ಲಿಸಲಾಯಿತು.
